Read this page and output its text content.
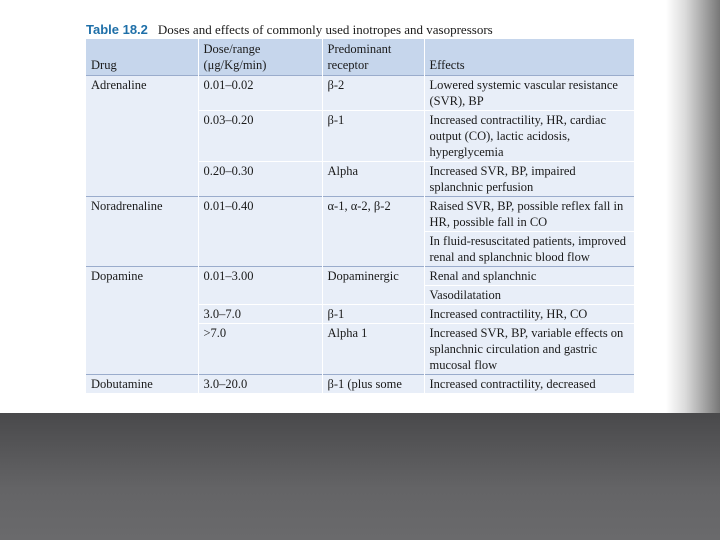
Table 18.2 Doses and effects of commonly used inotropes and vasopressors
Drug	Dose/range (μg/Kg/min)	Predominant receptor	Effects
Adrenaline	0.01–0.02	β-2	Lowered systemic vascular resistance (SVR), BP
	0.03–0.20	β-1	Increased contractility, HR, cardiac output (CO), lactic acidosis, hyperglycemia
	0.20–0.30	Alpha	Increased SVR, BP, impaired splanchnic perfusion
Noradrenaline	0.01–0.40	α-1, α-2, β-2	Raised SVR, BP, possible reflex fall in HR, possible fall in CO
			In fluid-resuscitated patients, improved renal and splanchnic blood flow
Dopamine	0.01–3.00	Dopaminergic	Renal and splanchnic
			Vasodilatation
	3.0–7.0	β-1	Increased contractility, HR, CO
	>7.0	Alpha 1	Increased SVR, BP, variable effects on splanchnic circulation and gastric mucosal flow
Dobutamine	3.0–20.0	β-1 (plus some	Increased contractility, decreased
